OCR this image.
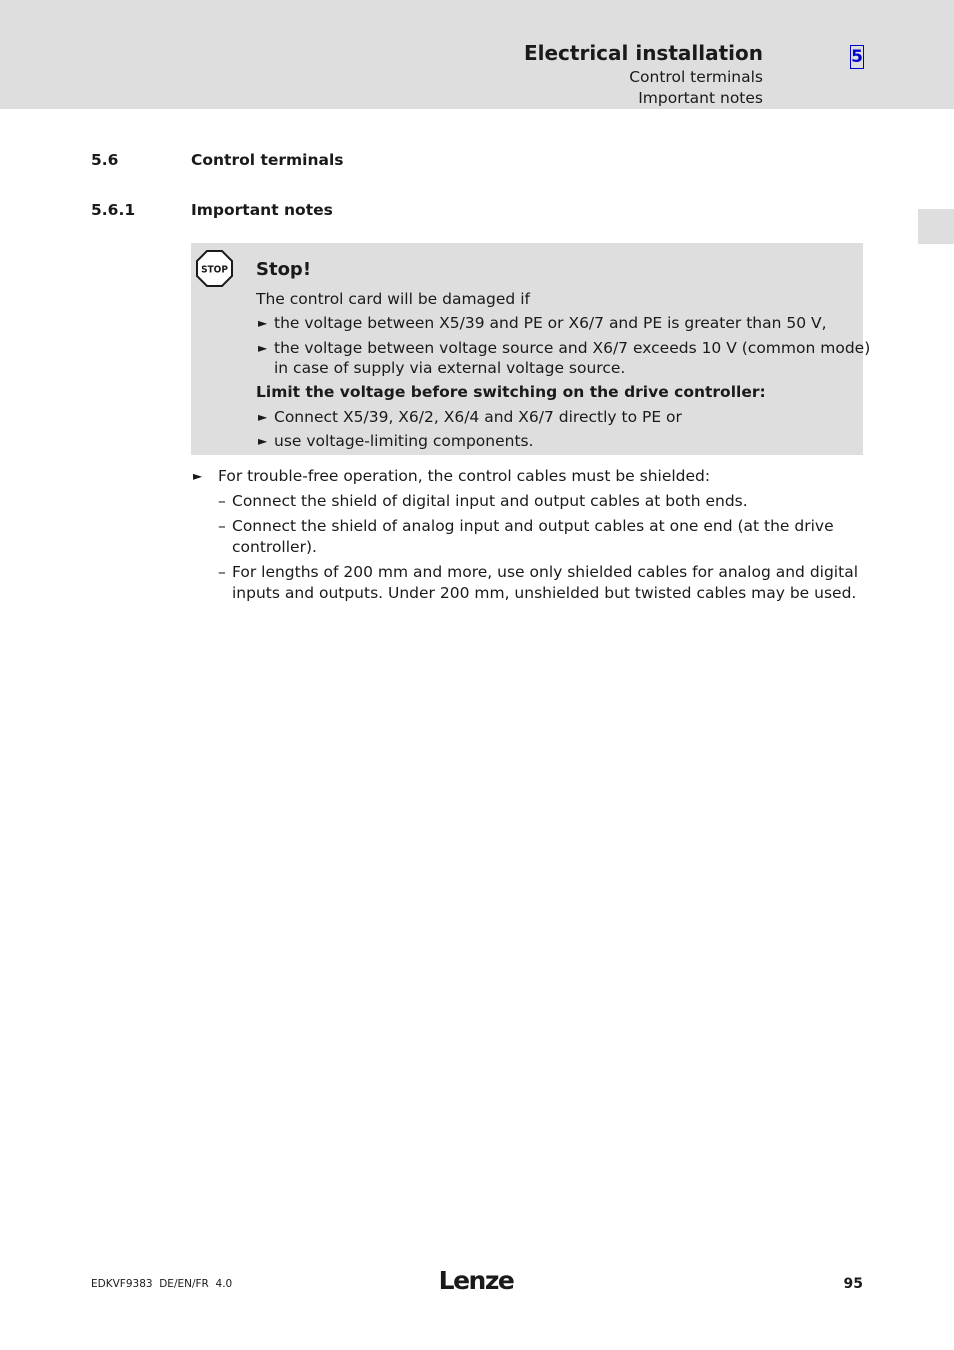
Electrical installation
Control terminals
Important notes
5
5.6	Control terminals
5.6.1	Important notes
STOP Stop!
The control card will be damaged if
► the voltage between X5/39 and PE or X6/7 and PE is greater than 50 V,
► the voltage between voltage source and X6/7 exceeds 10 V (common mode)
in case of supply via external voltage source.
Limit the voltage before switching on the drive controller:
► Connect X5/39, X6/2, X6/4 and X6/7 directly to PE or
► use voltage-limiting components.
► For trouble-free operation, the control cables must be shielded:
– Connect the shield of digital input and output cables at both ends.
– Connect the shield of analog input and output cables at one end (at the drive
controller).
– For lengths of 200 mm and more, use only shielded cables for analog and digital
inputs and outputs. Under 200 mm, unshielded but twisted cables may be used.
EDKVF9383  DE/EN/FR  4.0	Lenze	95
